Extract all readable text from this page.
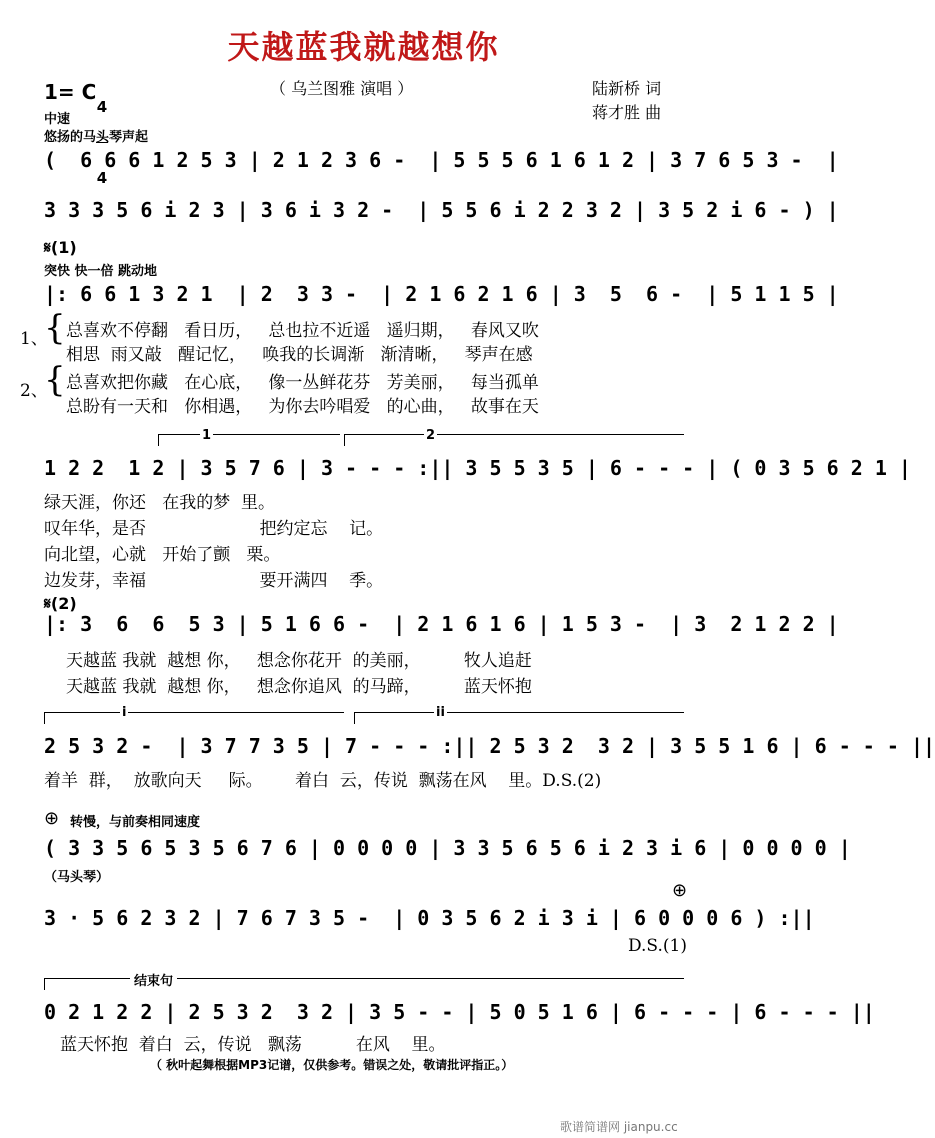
天越蓝我就越想你
（ 乌兰图雅 演唱 ）
1= C

4

4

陆新桥 词
蒋才胜 曲
中速
悠扬的马头琴声起
(  6 6 6 1 2 5 3 | 2 1 2 3 6 -  | 5 5 5 6 1 6 1 2 | 3 7 6 5 3 -  |
3 3 3 5 6 i 2 3 | 3 6 i 3 2 -  | 5 5 6 i 2 2 3 2 | 3 5 2 i 6 - ) |
𝄋(1)
突快 快一倍 跳动地
|: 6 6 1 3 2 1  | 2  3 3 -  | 2 1 6 2 1 6 | 3  5  6 -  | 5 1 1 5 |
1、
{ 总喜欢不停翻   看日历，   总也拉不近遥   遥归期，   春风又吹
相思  雨又敲   醒记忆，   唤我的长调渐   渐清晰，   琴声在感
2、
{ 总喜欢把你藏   在心底，   像一丛鲜花芬   芳美丽，   每当孤单
总盼有一天和   你相遇，   为你去吟唱爱   的心曲，   故事在天
1	2
1 2 2  1 2 | 3 5 7 6 | 3 - - - :|| 3 5 5 3 5 | 6 - - - | ( 0 3 5 6 2 1 |
绿天涯，你还   在我的梦  里。
叹年华，是否                     把约定忘    记。
向北望，心就   开始了颤   栗。
边发芽，幸福                     要开满四    季。
𝄋(2)
|: 3  6  6  5 3 | 5 1 6 6 -  | 2 1 6 1 6 | 1 5 3 -  | 3  2 1 2 2 |
天越蓝 我就  越想 你，   想念你花开  的美丽，        牧人追赶
天越蓝 我就  越想 你，   想念你追风  的马蹄，        蓝天怀抱
i	ii
2 5 3 2 -  | 3 7 7 3 5 | 7 - - - :|| 2 5 3 2  3 2 | 3 5 5 1 6 | 6 - - - ||
着羊  群，  放歌向天     际。      着白  云，传说  飘荡在风    里。D.S.(2)
⊕ 转慢，与前奏相同速度
( 3 3 5 6 5 3 5 6 7 6 | 0 0 0 0 | 3 3 5 6 5 6 i 2 3 i 6 | 0 0 0 0 |
（马头琴）
3 · 5 6 2 3 2 | 7 6 7 3 5 -  | 0 3 5 6 2 i 3 i | 6 0 0 0 6 ) :||
⊕
D.S.(1)
结束句
0 2 1 2 2 | 2 5 3 2  3 2 | 3 5 - - | 5 0 5 1 6 | 6 - - - | 6 - - - ||
蓝天怀抱  着白  云，传说   飘荡          在风    里。
（ 秋叶起舞根据MP3记谱，仅供参考。错误之处，敬请批评指正。）
歌谱简谱网 jianpu.cc
